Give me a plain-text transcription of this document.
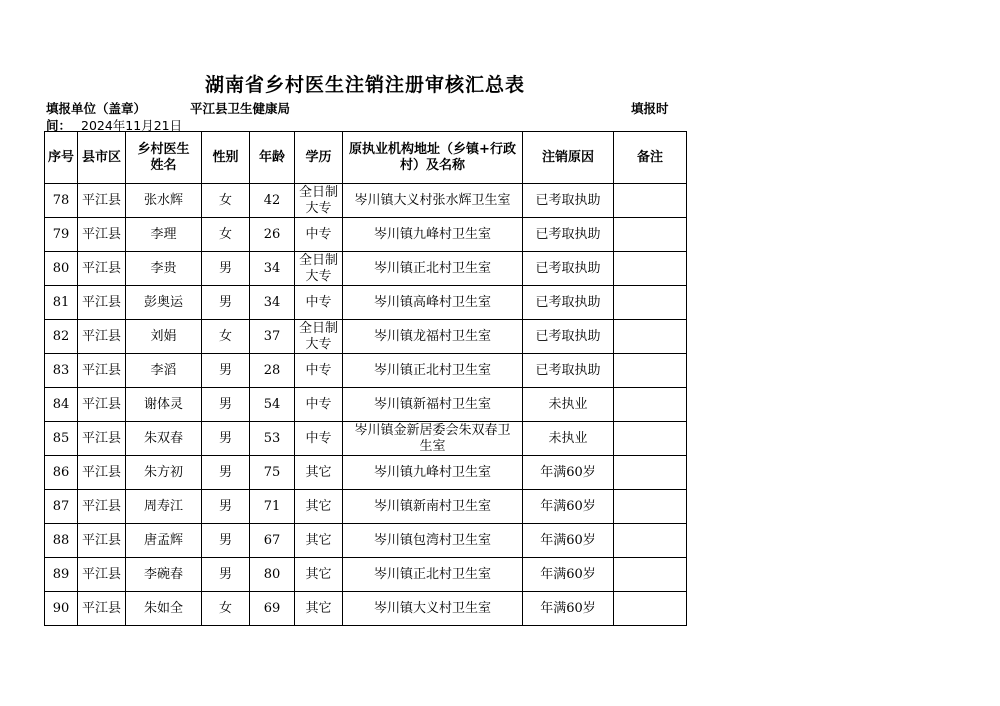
湖南省乡村医生注销注册审核汇总表
填报单位（盖章）	平江县卫生健康局	填报时
间： 2024年11月21日
序号	县市区	乡村医生姓名	性别	年龄	学历	原执业机构地址（乡镇+行政村）及名称	注销原因	备注
78	平江县	张水辉	女	42	全日制大专	岑川镇大义村张水辉卫生室	已考取执助	
79	平江县	李理	女	26	中专	岑川镇九峰村卫生室	已考取执助	
80	平江县	李贵	男	34	全日制大专	岑川镇正北村卫生室	已考取执助	
81	平江县	彭奥运	男	34	中专	岑川镇高峰村卫生室	已考取执助	
82	平江县	刘娟	女	37	全日制大专	岑川镇龙福村卫生室	已考取执助	
83	平江县	李滔	男	28	中专	岑川镇正北村卫生室	已考取执助	
84	平江县	谢体灵	男	54	中专	岑川镇新福村卫生室	未执业	
85	平江县	朱双春	男	53	中专	岑川镇金新居委会朱双春卫生室	未执业	
86	平江县	朱方初	男	75	其它	岑川镇九峰村卫生室	年满60岁	
87	平江县	周寿江	男	71	其它	岑川镇新南村卫生室	年满60岁	
88	平江县	唐孟辉	男	67	其它	岑川镇包湾村卫生室	年满60岁	
89	平江县	李碗春	男	80	其它	岑川镇正北村卫生室	年满60岁	
90	平江县	朱如全	女	69	其它	岑川镇大义村卫生室	年满60岁	
